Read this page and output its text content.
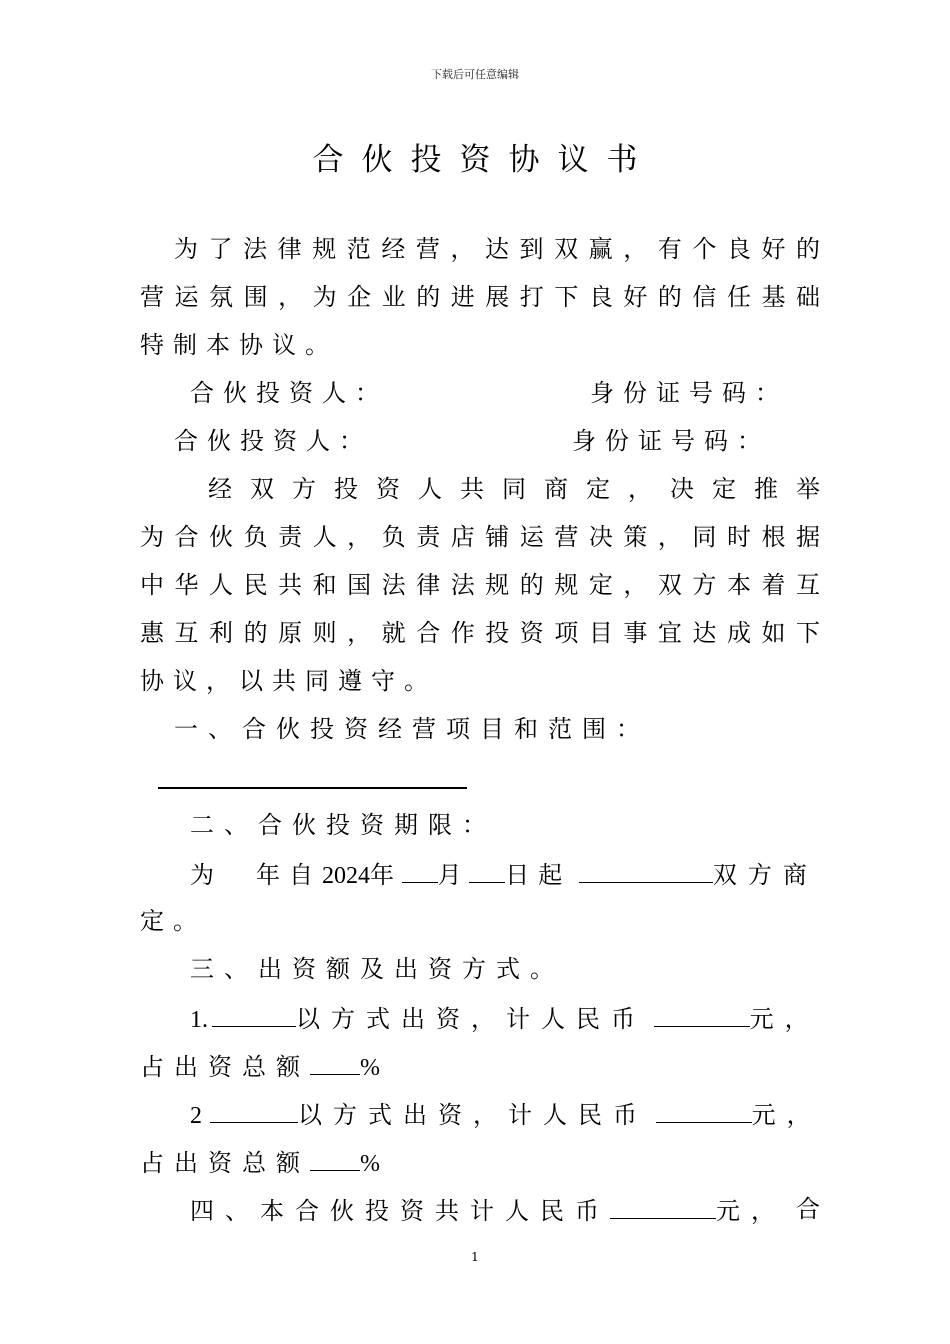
下载后可任意编辑
合伙投资协议书
为了法律规范经营，达到双赢，有个良好的
营运氛围，为企业的进展打下良好的信任基础
特制本协议。
合伙投资人：	身份证号码：
合伙投资人：	身份证号码：
经双方投资人共同商定，决定推举
为合伙负责人，负责店铺运营决策，同时根据
中华人民共和国法律法规的规定，双方本着互
惠互利的原则，就合作投资项目事宜达成如下
协议，以共同遵守。
一、合伙投资经营项目和范围：
二、合伙投资期限：
为 年自2024年 月 日起	双方商
定。
三、出资额及出资方式。
1.	以方式出资，计人民币	元，
占出资总额 %
2	以方式出资，计人民币	元，
占出资总额 %
四、本合伙投资共计人民币	元， 合
1
